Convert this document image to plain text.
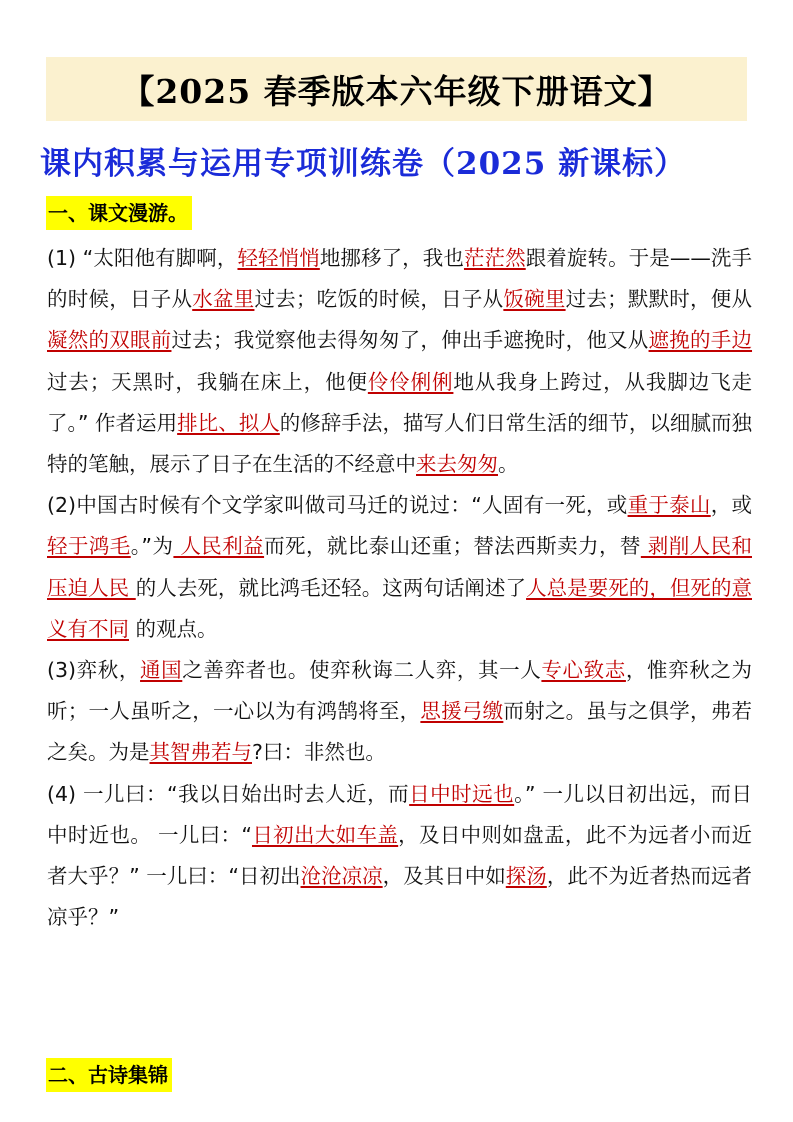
【2025 春季版本六年级下册语文】
课内积累与运用专项训练卷（2025 新课标）
一、课文漫游。

(1) “太阳他有脚啊，轻轻悄悄地挪移了，我也茫茫然跟着旋转。于是——洗手的时候，日子从水盆里过去；吃饭的时候，日子从饭碗里过去；默默时，便从凝然的双眼前过去；我觉察他去得匆匆了，伸出手遮挽时，他又从遮挽的手边过去；天黑时，我躺在床上，他便伶伶俐俐地从我身上跨过，从我脚边飞走了。” 作者运用排比、拟人的修辞手法，描写人们日常生活的细节，以细腻而独特的笔触，展示了日子在生活的不经意中来去匆匆。

(2)中国古时候有个文学家叫做司马迁的说过：“人固有一死，或重于泰山，或轻于鸿毛。”为 人民利益而死，就比泰山还重；替法西斯卖力，替 剥削人民和压迫人民 的人去死，就比鸿毛还轻。这两句话阐述了人总是要死的，但死的意义有不同 的观点。

(3)弈秋，通国之善弈者也。使弈秋诲二人弈，其一人专心致志，惟弈秋之为听；一人虽听之，一心以为有鸿鹄将至，思援弓缴而射之。虽与之俱学，弗若之矣。为是其智弗若与?曰：非然也。

(4) 一儿曰：“我以日始出时去人近，而日中时远也。” 一儿以日初出远，而日中时近也。 一儿曰：“日初出大如车盖，及日中则如盘盂，此不为远者小而近者大乎？” 一儿曰：“日初出沧沧凉凉，及其日中如探汤，此不为近者热而远者凉乎？”

二、古诗集锦
